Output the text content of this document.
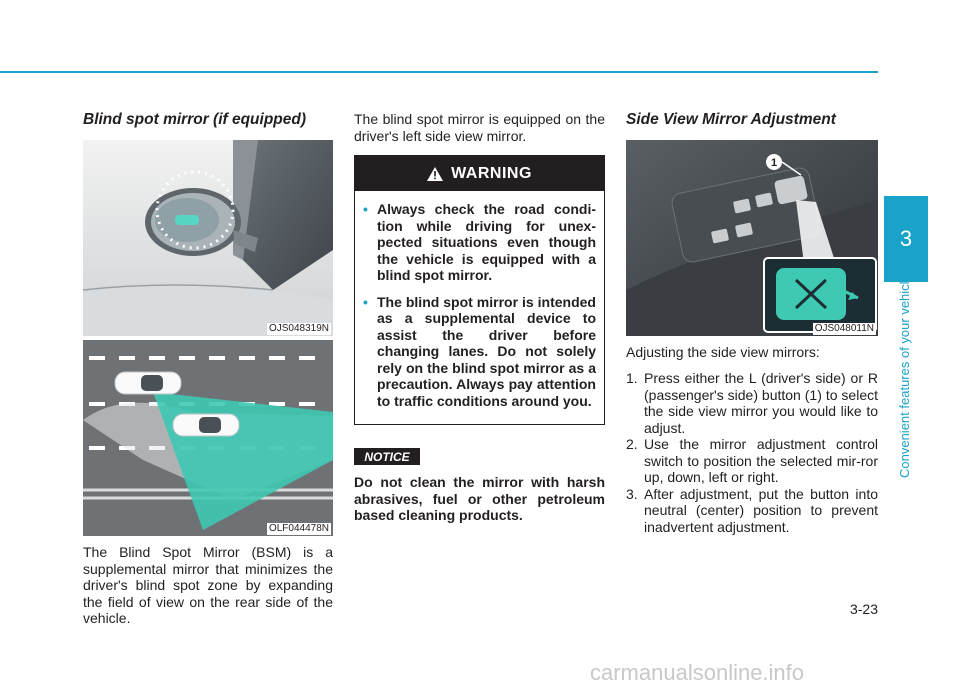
Blind spot mirror (if equipped)
OJS048319N
OLF044478N

The Blind Spot Mirror (BSM) is a supplemental mirror that minimizes the driver's blind spot zone by expanding the field of view on the rear side of the vehicle.

The blind spot mirror is equipped on the driver's left side view mirror.

WARNING
• Always check the road condi-tion while driving for unex-pected situations even though the vehicle is equipped with a blind spot mirror.
• The blind spot mirror is intended as a supplemental device to assist the driver before changing lanes. Do not solely rely on the blind spot mirror as a precaution. Always pay attention to traffic conditions around you.
NOTICE

Do not clean the mirror with harsh abrasives, fuel or other petroleum based cleaning products.

Side View Mirror Adjustment
1
OJS048011N

Adjusting the side view mirrors:

1. Press either the L (driver's side) or R (passenger's side) button (1) to select the side view mirror you would like to adjust.
2. Use the mirror adjustment control switch to position the selected mir-ror up, down, left or right.
3. After adjustment, put the button into neutral (center) position to prevent inadvertent adjustment.
3
Convenient features of your vehicle
3-23
carmanualsonline.info
